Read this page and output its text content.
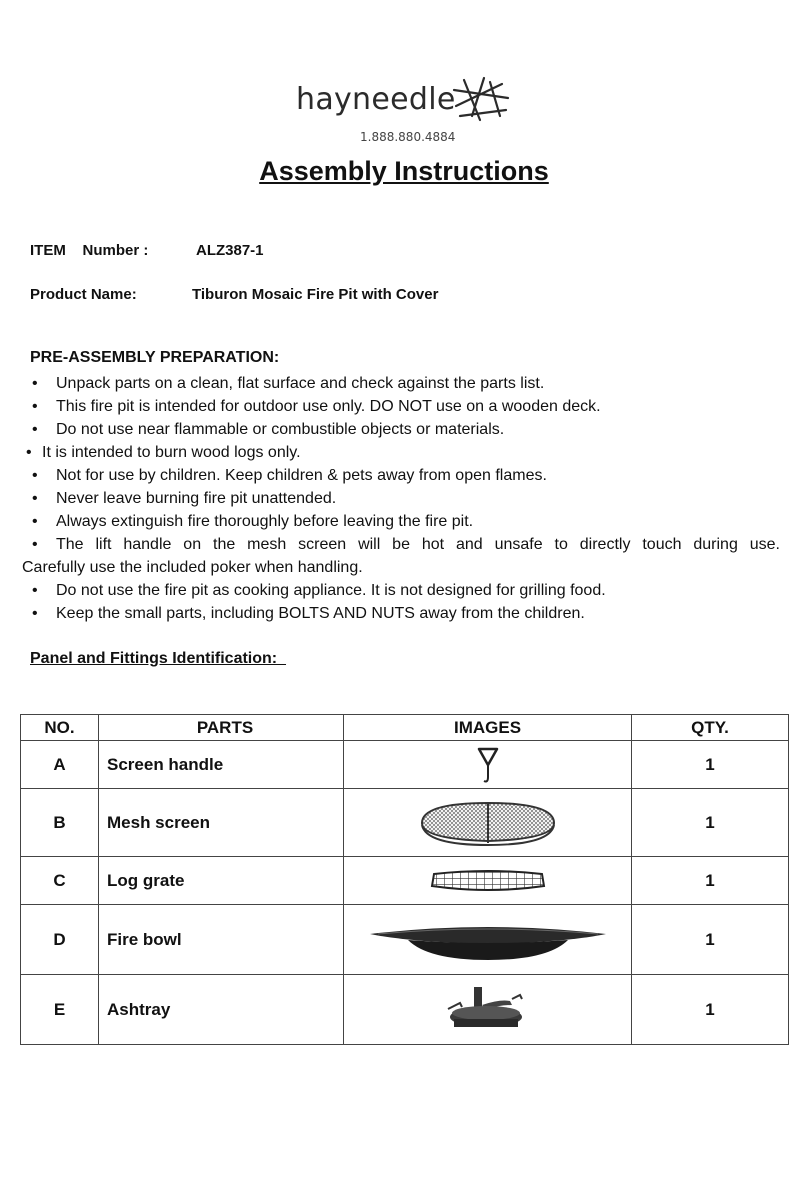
hayneedle
1.888.880.4884
Assembly Instructions
ITEM    Number :	ALZ387-1
Product Name:	Tiburon Mosaic Fire Pit with Cover
PRE-ASSEMBLY PREPARATION:
• Unpack parts on a clean, flat surface and check against the parts list.
• This fire pit is intended for outdoor use only. DO NOT use on a wooden deck.
• Do not use near flammable or combustible objects or materials.
• It is intended to burn wood logs only.
• Not for use by children. Keep children & pets away from open flames.
• Never leave burning fire pit unattended.
• Always extinguish fire thoroughly before leaving the fire pit.
• The lift handle on the mesh screen will be hot and unsafe to directly touch during use.
Carefully use the included poker when handling.
• Do not use the fire pit as cooking appliance. It is not designed for grilling food.
• Keep the small parts, including BOLTS AND NUTS away from the children.
Panel and Fittings Identification:
NO.	PARTS	IMAGES	QTY.
A	Screen handle		1
B	Mesh screen		1
C	Log grate		1
D	Fire bowl		1
E	Ashtray		1
